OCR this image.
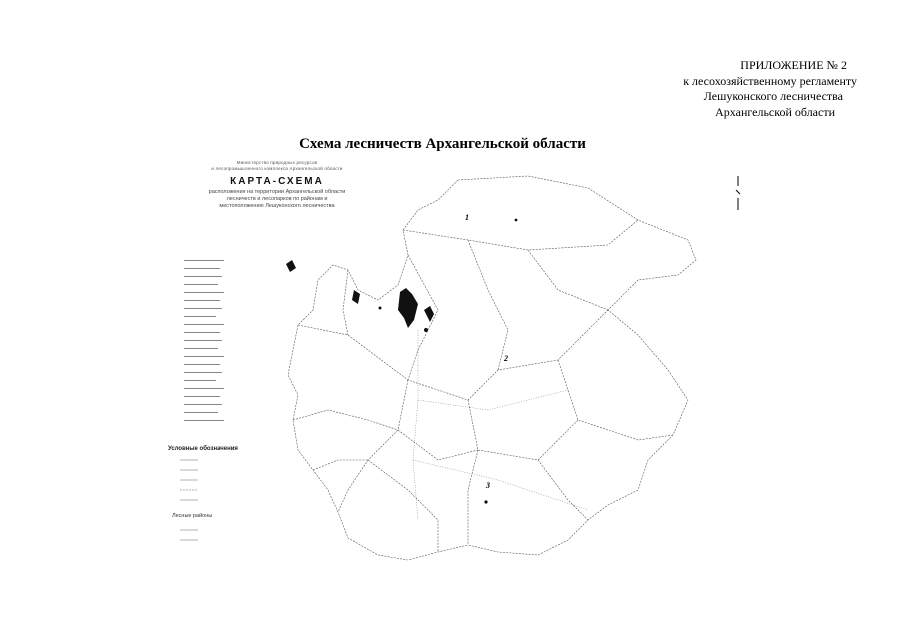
ПРИЛОЖЕНИЕ № 2
к лесохозяйственному регламенту
Лешуконского лесничества
Архангельской области
Схема лесничеств Архангельской области
Министерство природных ресурсов
и лесопромышленного комплекса Архангельской области
КАРТА-СХЕМА
расположения на территории Архангельской области
лесничеств и лесопарков по районам и
местоположению Лешуконского лесничества
Условные обозначения
Лесные районы
1
2
3
